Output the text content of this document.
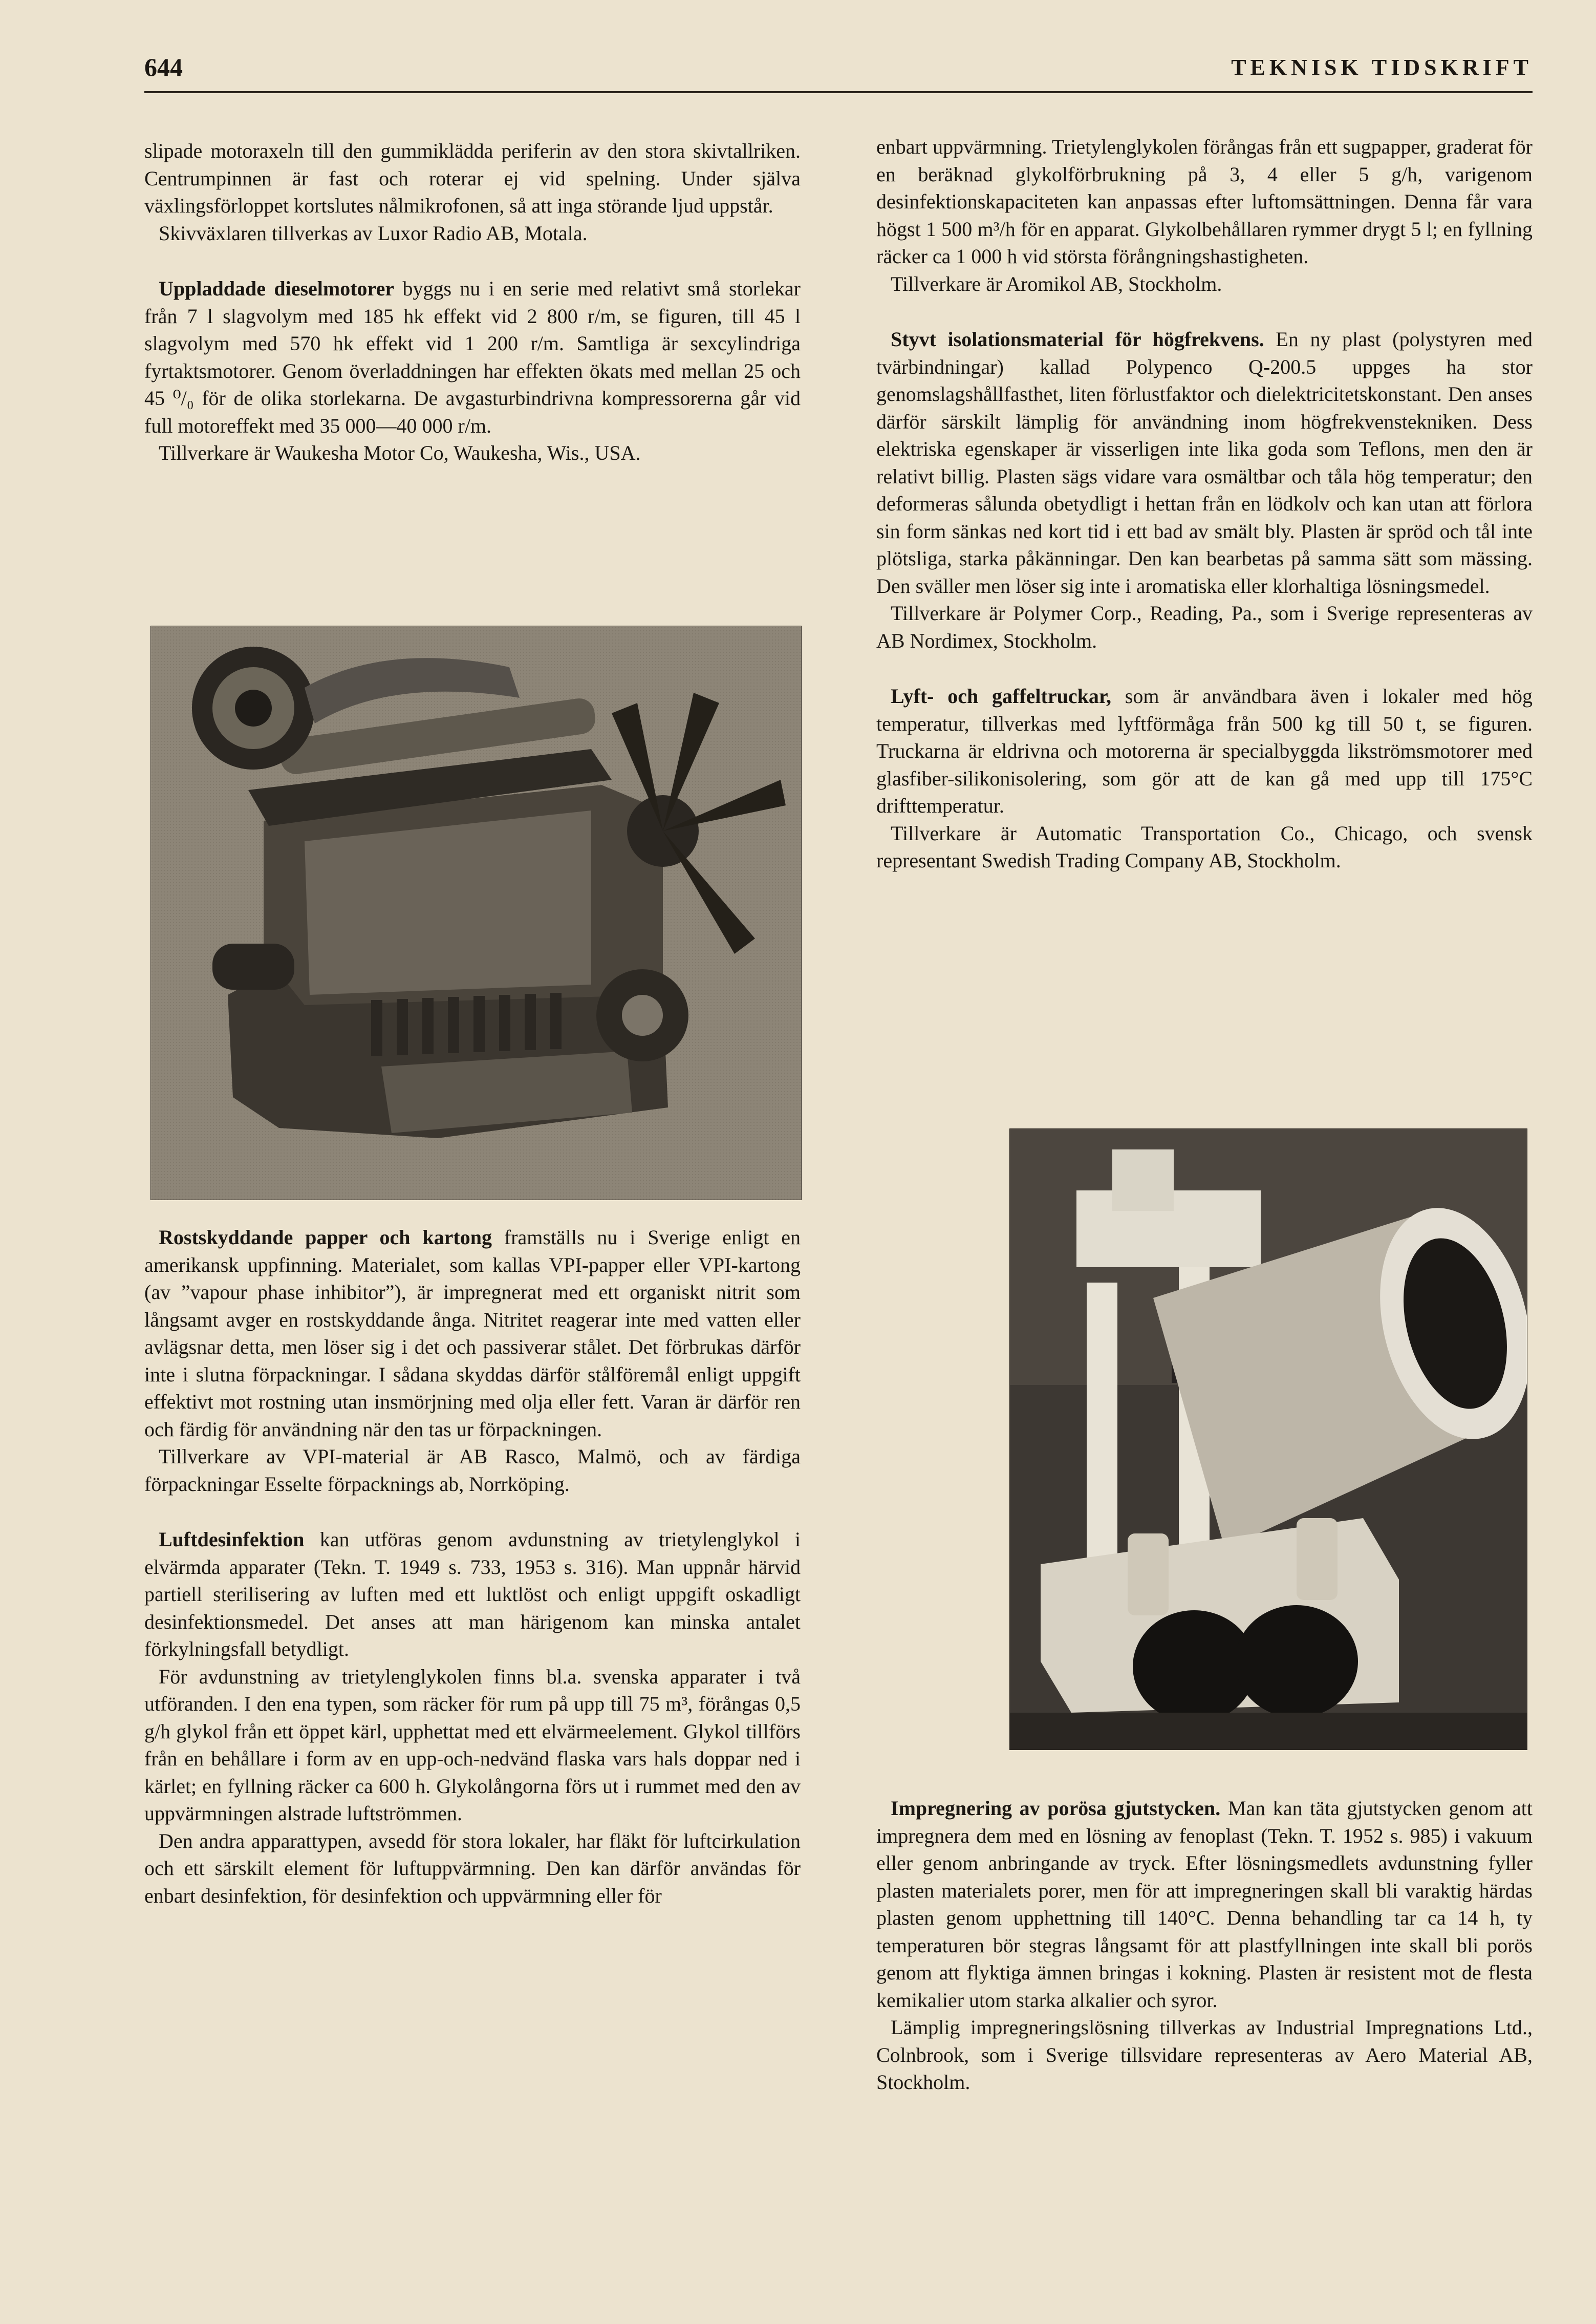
644	TEKNISK TIDSKRIFT

slipade motoraxeln till den gummiklädda periferin av den stora skivtallriken. Centrumpinnen är fast och roterar ej vid spelning. Under själva växlingsförloppet kortslutes nålmikrofonen, så att inga störande ljud uppstår.

Skivväxlaren tillverkas av Luxor Radio AB, Motala.

Uppladdade dieselmotorer byggs nu i en serie med relativt små storlekar från 7 l slagvolym med 185 hk effekt vid 2 800 r/m, se figuren, till 45 l slagvolym med 570 hk effekt vid 1 200 r/m. Samtliga är sexcylindriga fyrtaktsmotorer. Genom överladdningen har effekten ökats med mellan 25 och 45 ⁰/₀ för de olika storlekarna. De avgasturbindrivna kompressorerna går vid full motoreffekt med 35 000—40 000 r/m.

Tillverkare är Waukesha Motor Co, Waukesha, Wis., USA.

Rostskyddande papper och kartong framställs nu i Sverige enligt en amerikansk uppfinning. Materialet, som kallas VPI-papper eller VPI-kartong (av ”vapour phase inhibitor”), är impregnerat med ett organiskt nitrit som långsamt avger en rostskyddande ånga. Nitritet reagerar inte med vatten eller avlägsnar detta, men löser sig i det och passiverar stålet. Det förbrukas därför inte i slutna förpackningar. I sådana skyddas därför stålföremål enligt uppgift effektivt mot rostning utan insmörjning med olja eller fett. Varan är därför ren och färdig för användning när den tas ur förpackningen.

Tillverkare av VPI-material är AB Rasco, Malmö, och av färdiga förpackningar Esselte förpacknings ab, Norrköping.

Luftdesinfektion kan utföras genom avdunstning av trietylenglykol i elvärmda apparater (Tekn. T. 1949 s. 733, 1953 s. 316). Man uppnår härvid partiell sterilisering av luften med ett luktlöst och enligt uppgift oskadligt desinfektionsmedel. Det anses att man härigenom kan minska antalet förkylningsfall betydligt.

För avdunstning av trietylenglykolen finns bl.a. svenska apparater i två utföranden. I den ena typen, som räcker för rum på upp till 75 m³, förångas 0,5 g/h glykol från ett öppet kärl, upphettat med ett elvärmeelement. Glykol tillförs från en behållare i form av en upp-och-nedvänd flaska vars hals doppar ned i kärlet; en fyllning räcker ca 600 h. Glykolångorna förs ut i rummet med den av uppvärmningen alstrade luftströmmen.

Den andra apparattypen, avsedd för stora lokaler, har fläkt för luftcirkulation och ett särskilt element för luftuppvärmning. Den kan därför användas för enbart desinfektion, för desinfektion och uppvärmning eller för

enbart uppvärmning. Trietylenglykolen förångas från ett sugpapper, graderat för en beräknad glykolförbrukning på 3, 4 eller 5 g/h, varigenom desinfektionskapaciteten kan anpassas efter luftomsättningen. Denna får vara högst 1 500 m³/h för en apparat. Glykolbehållaren rymmer drygt 5 l; en fyllning räcker ca 1 000 h vid största förångningshastigheten.

Tillverkare är Aromikol AB, Stockholm.

Styvt isolationsmaterial för högfrekvens. En ny plast (polystyren med tvärbindningar) kallad Polypenco Q-200.5 uppges ha stor genomslagshållfasthet, liten förlustfaktor och dielektricitetskonstant. Den anses därför särskilt lämplig för användning inom högfrekvenstekniken. Dess elektriska egenskaper är visserligen inte lika goda som Teflons, men den är relativt billig. Plasten sägs vidare vara osmältbar och tåla hög temperatur; den deformeras sålunda obetydligt i hettan från en lödkolv och kan utan att förlora sin form sänkas ned kort tid i ett bad av smält bly. Plasten är spröd och tål inte plötsliga, starka påkänningar. Den kan bearbetas på samma sätt som mässing. Den sväller men löser sig inte i aromatiska eller klorhaltiga lösningsmedel.

Tillverkare är Polymer Corp., Reading, Pa., som i Sverige representeras av AB Nordimex, Stockholm.

Lyft- och gaffeltruckar, som är användbara även i lokaler med hög temperatur, tillverkas med lyftförmåga från 500 kg till 50 t, se figuren. Truckarna är eldrivna och motorerna är specialbyggda likströmsmotorer med glasfiber-silikonisolering, som gör att de kan gå med upp till 175°C drifttemperatur.

Tillverkare är Automatic Transportation Co., Chicago, och svensk representant Swedish Trading Company AB, Stockholm.

Impregnering av porösa gjutstycken. Man kan täta gjutstycken genom att impregnera dem med en lösning av fenoplast (Tekn. T. 1952 s. 985) i vakuum eller genom anbringande av tryck. Efter lösningsmedlets avdunstning fyller plasten materialets porer, men för att impregneringen skall bli varaktig härdas plasten genom upphettning till 140°C. Denna behandling tar ca 14 h, ty temperaturen bör stegras långsamt för att plastfyllningen inte skall bli porös genom att flyktiga ämnen bringas i kokning. Plasten är resistent mot de flesta kemikalier utom starka alkalier och syror.

Lämplig impregneringslösning tillverkas av Industrial Impregnations Ltd., Colnbrook, som i Sverige tillsvidare representeras av Aero Material AB, Stockholm.
